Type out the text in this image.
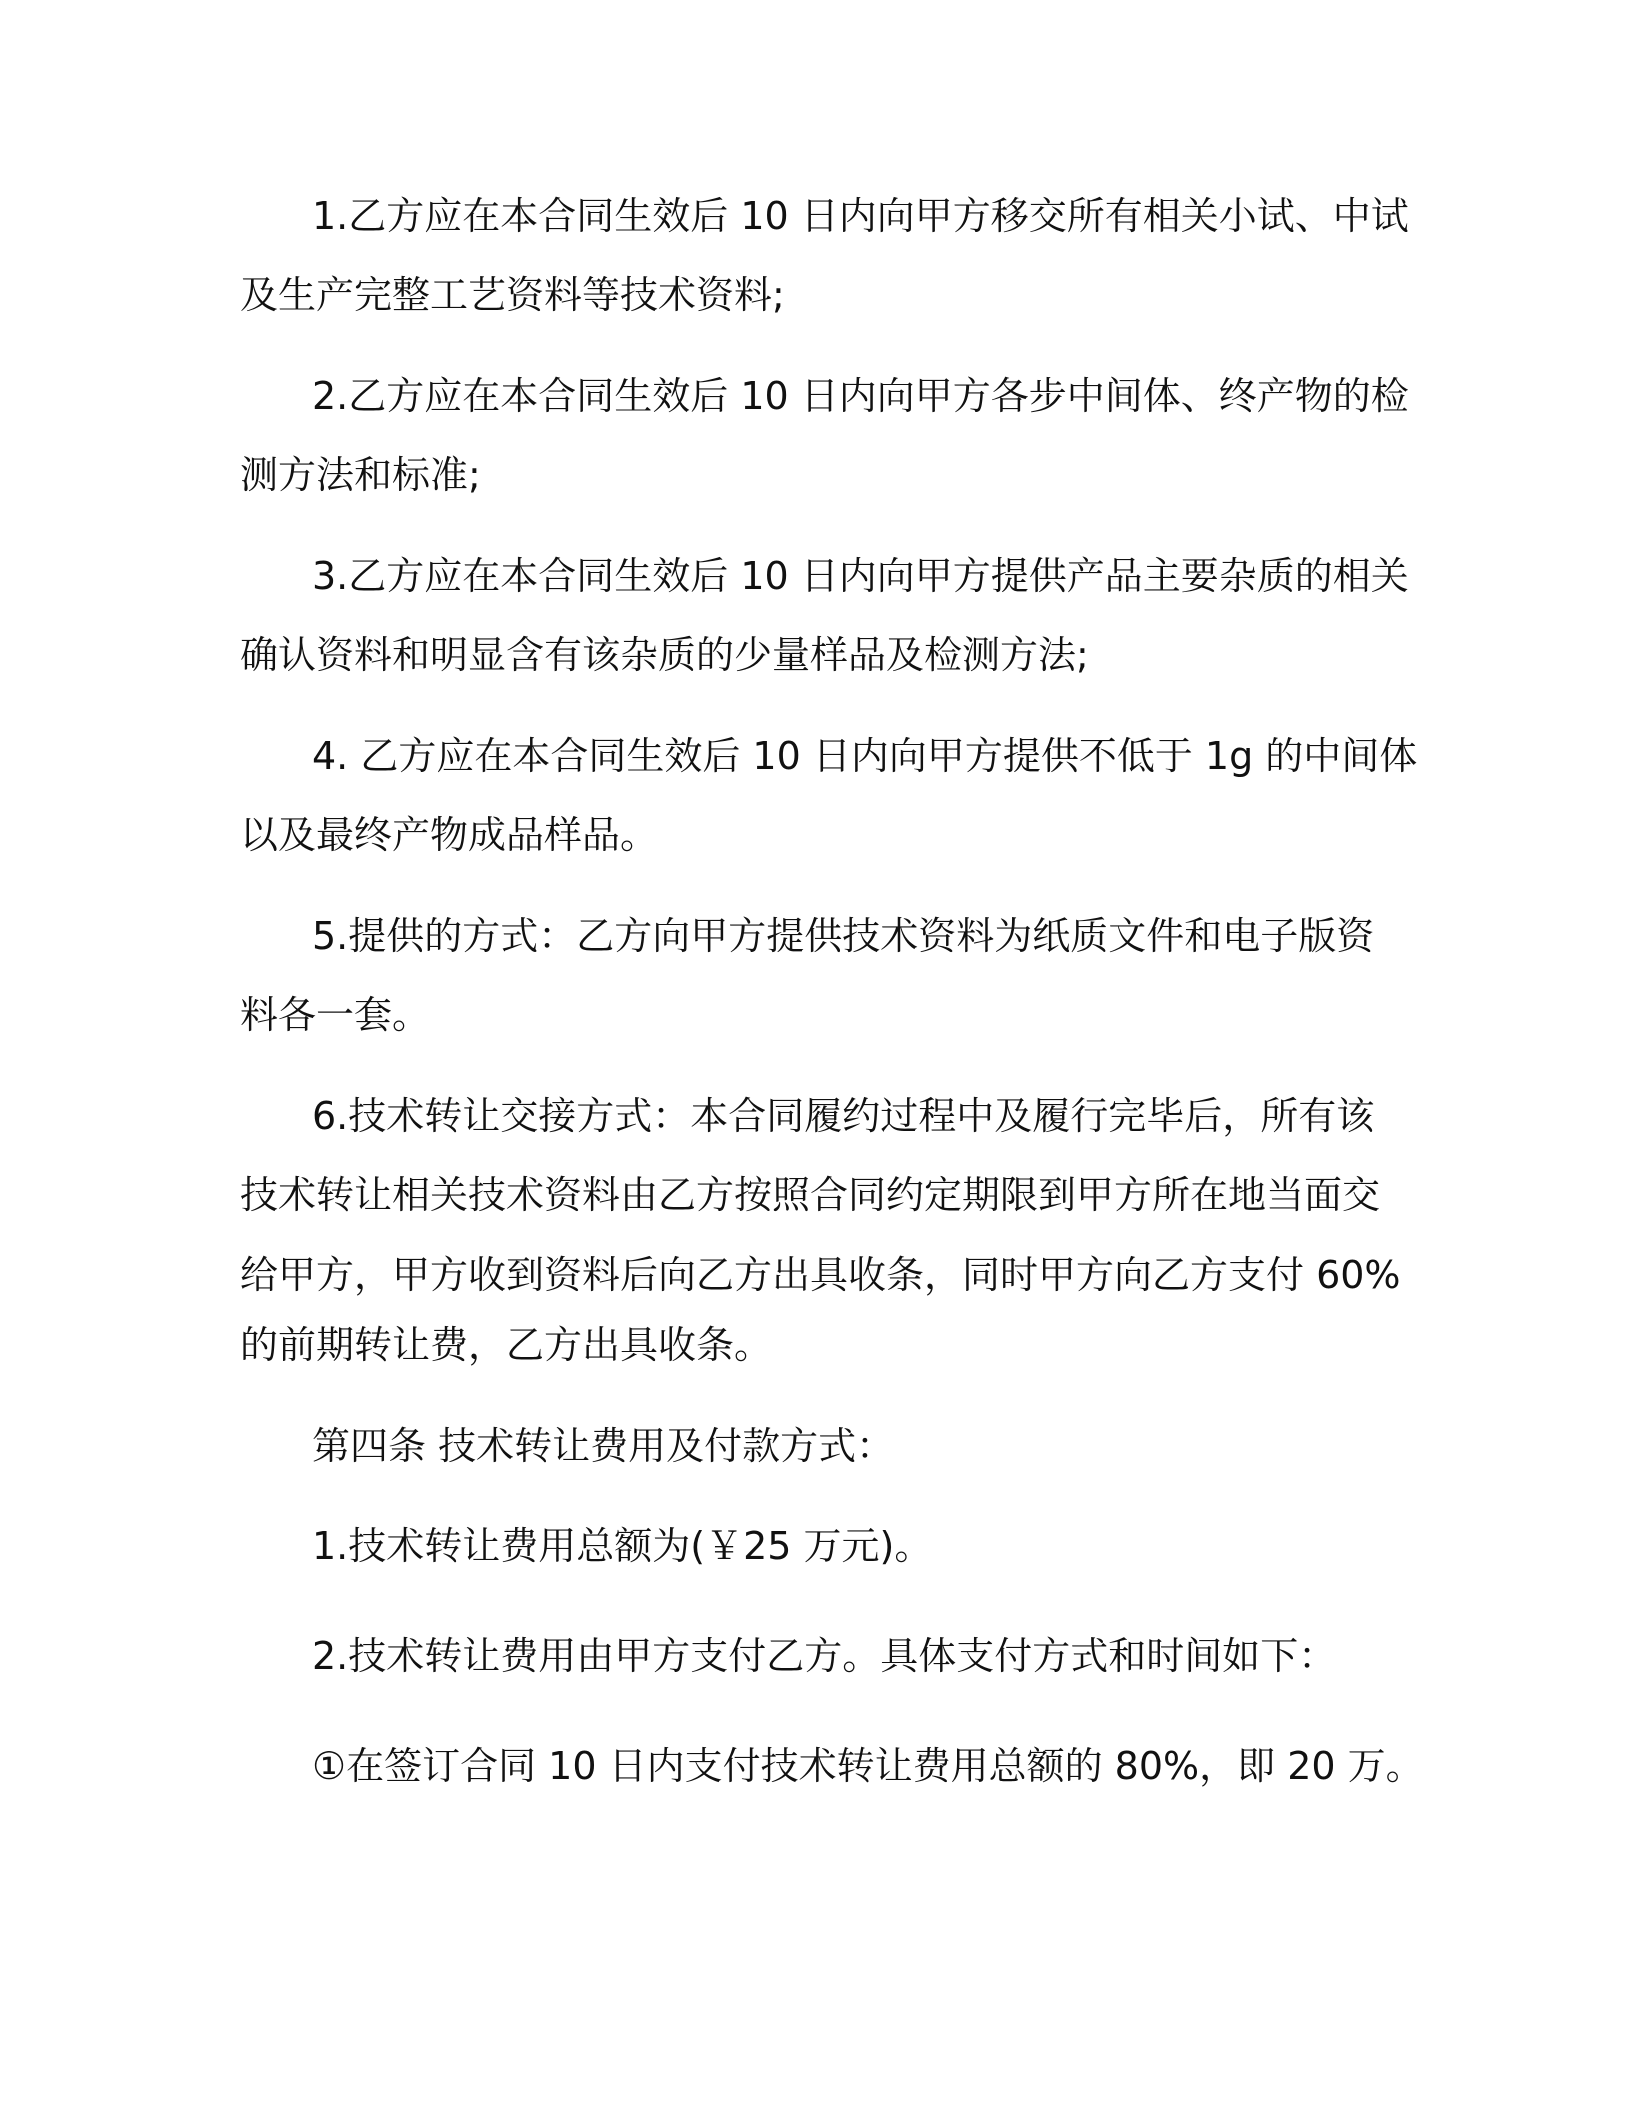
1.乙方应在本合同生效后 10 日内向甲方移交所有相关小试、中试

及生产完整工艺资料等技术资料;

2.乙方应在本合同生效后 10 日内向甲方各步中间体、终产物的检

测方法和标准;

3.乙方应在本合同生效后 10 日内向甲方提供产品主要杂质的相关

确认资料和明显含有该杂质的少量样品及检测方法;

4. 乙方应在本合同生效后 10 日内向甲方提供不低于 1g 的中间体

以及最终产物成品样品。

5.提供的方式：乙方向甲方提供技术资料为纸质文件和电子版资

料各一套。

6.技术转让交接方式：本合同履约过程中及履行完毕后，所有该

技术转让相关技术资料由乙方按照合同约定期限到甲方所在地当面交

给甲方，甲方收到资料后向乙方出具收条，同时甲方向乙方支付 60%

的前期转让费，乙方出具收条。

第四条 技术转让费用及付款方式：

1.技术转让费用总额为(￥25 万元)。

2.技术转让费用由甲方支付乙方。具体支付方式和时间如下：

①在签订合同 10 日内支付技术转让费用总额的 80%，即 20 万。
